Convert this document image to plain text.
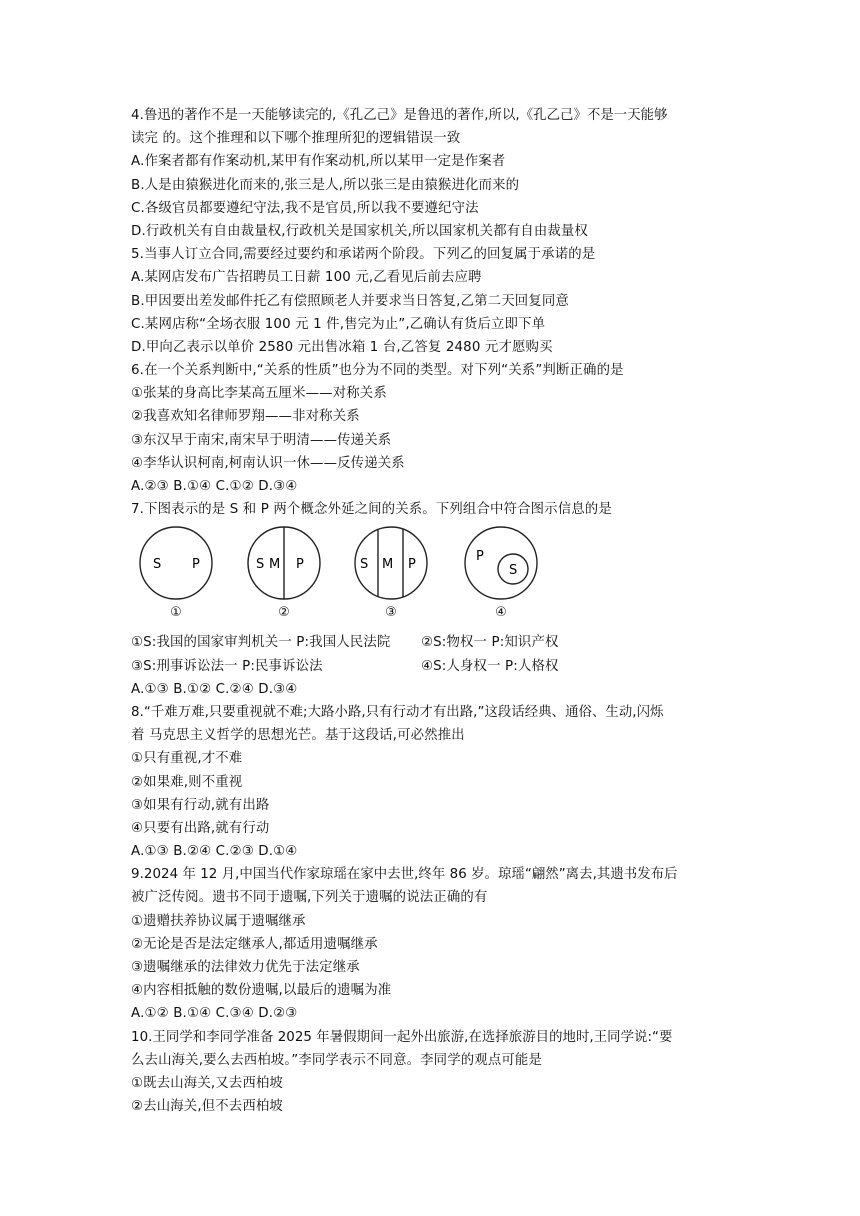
4.鲁迅的著作不是一天能够读完的,《孔乙己》是鲁迅的著作,所以,《孔乙己》不是一天能够
读完 的。这个推理和以下哪个推理所犯的逻辑错误一致
A.作案者都有作案动机,某甲有作案动机,所以某甲一定是作案者
B.人是由猿猴进化而来的,张三是人,所以张三是由猿猴进化而来的
C.各级官员都要遵纪守法,我不是官员,所以我不要遵纪守法
D.行政机关有自由裁量权,行政机关是国家机关,所以国家机关都有自由裁量权
5.当事人订立合同,需要经过要约和承诺两个阶段。下列乙的回复属于承诺的是
A.某网店发布广告招聘员工日薪 100 元,乙看见后前去应聘
B.甲因要出差发邮件托乙有偿照顾老人并要求当日答复,乙第二天回复同意
C.某网店称“全场衣服 100 元 1 件,售完为止”,乙确认有货后立即下单
D.甲向乙表示以单价 2580 元出售冰箱 1 台,乙答复 2480 元才愿购买
6.在一个关系判断中,“关系的性质”也分为不同的类型。对下列“关系”判断正确的是
①张某的身高比李某高五厘米——对称关系
②我喜欢知名律师罗翔——非对称关系
③东汉早于南宋,南宋早于明清——传递关系
④李华认识柯南,柯南认识一休——反传递关系
A.②③ B.①④ C.①② D.③④
7.下图表示的是 S 和 P 两个概念外延之间的关系。下列组合中符合图示信息的是
S P
①
S M P
②
S M P
③
P
S
④
①S:我国的国家审判机关一 P:我国人民法院	②S:物权一 P:知识产权
③S:刑事诉讼法一 P:民事诉讼法	④S:人身权一 P:人格权
A.①③ B.①② C.②④ D.③④
8.“千难万难,只要重视就不难;大路小路,只有行动才有出路,”这段话经典、通俗、生动,闪烁
着 马克思主义哲学的思想光芒。基于这段话,可必然推出
①只有重视,才不难
②如果难,则不重视
③如果有行动,就有出路
④只要有出路,就有行动
A.①③ B.②④ C.②③ D.①④
9.2024 年 12 月,中国当代作家琼瑶在家中去世,终年 86 岁。琼瑶“翩然”离去,其遗书发布后
被广泛传阅。遗书不同于遗嘱,下列关于遗嘱的说法正确的有
①遗赠扶养协议属于遗嘱继承
②无论是否是法定继承人,都适用遗嘱继承
③遗嘱继承的法律效力优先于法定继承
④内容相抵触的数份遗嘱,以最后的遗嘱为准
A.①② B.①④ C.③④ D.②③
10.王同学和李同学准备 2025 年暑假期间一起外出旅游,在选择旅游目的地时,王同学说:“要
么去山海关,要么去西柏坡。”李同学表示不同意。李同学的观点可能是
①既去山海关,又去西柏坡
②去山海关,但不去西柏坡
